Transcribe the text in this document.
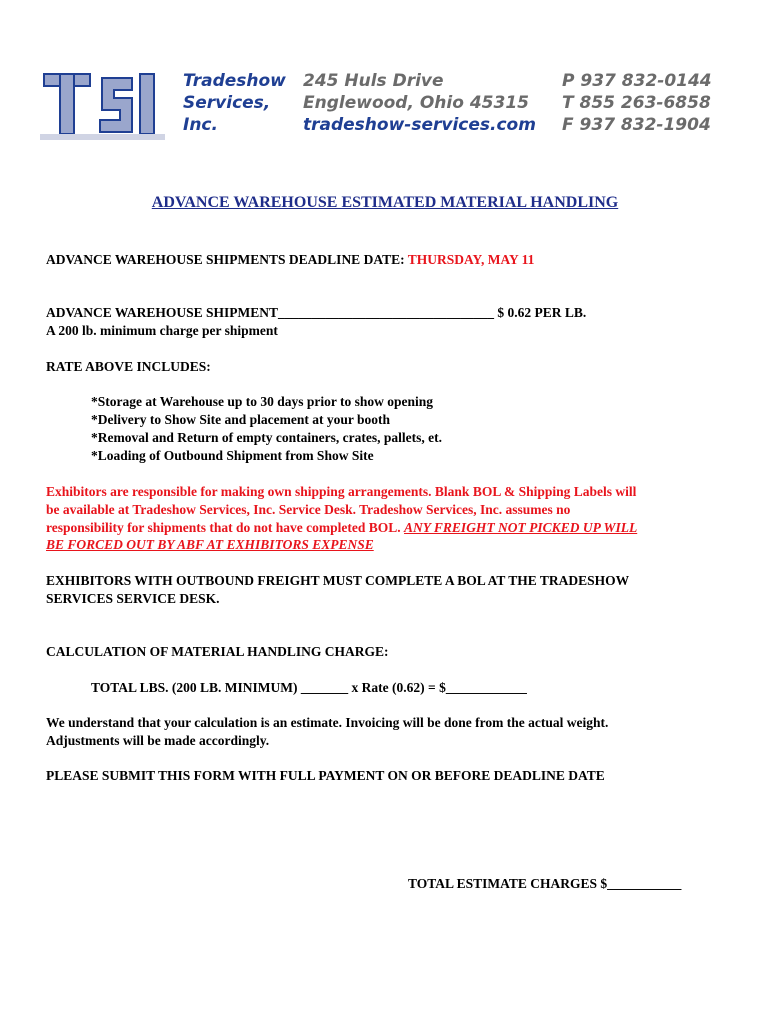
Tradeshow
Services,
Inc.
245 Huls Drive
Englewood, Ohio 45315
tradeshow-services.com
P 937 832-0144
T 855 263-6858
F 937 832-1904
ADVANCE WAREHOUSE ESTIMATED MATERIAL HANDLING
ADVANCE WAREHOUSE SHIPMENTS DEADLINE DATE: THURSDAY, MAY 11
ADVANCE WAREHOUSE SHIPMENT________________________________ $ 0.62 PER LB.
A 200 lb. minimum charge per shipment
RATE ABOVE INCLUDES:
*Storage at Warehouse up to 30 days prior to show opening
*Delivery to Show Site and placement at your booth
*Removal and Return of empty containers, crates, pallets, et.
*Loading of Outbound Shipment from Show Site
Exhibitors are responsible for making own shipping arrangements. Blank BOL & Shipping Labels will
be available at Tradeshow Services, Inc. Service Desk. Tradeshow Services, Inc. assumes no
responsibility for shipments that do not have completed BOL. ANY FREIGHT NOT PICKED UP WILL
BE FORCED OUT BY ABF AT EXHIBITORS EXPENSE
EXHIBITORS WITH OUTBOUND FREIGHT MUST COMPLETE A BOL AT THE TRADESHOW
SERVICES SERVICE DESK.
CALCULATION OF MATERIAL HANDLING CHARGE:
TOTAL LBS. (200 LB. MINIMUM) _______ x Rate (0.62) = $____________
We understand that your calculation is an estimate. Invoicing will be done from the actual weight.
Adjustments will be made accordingly.
PLEASE SUBMIT THIS FORM WITH FULL PAYMENT ON OR BEFORE DEADLINE DATE
TOTAL ESTIMATE CHARGES $___________
